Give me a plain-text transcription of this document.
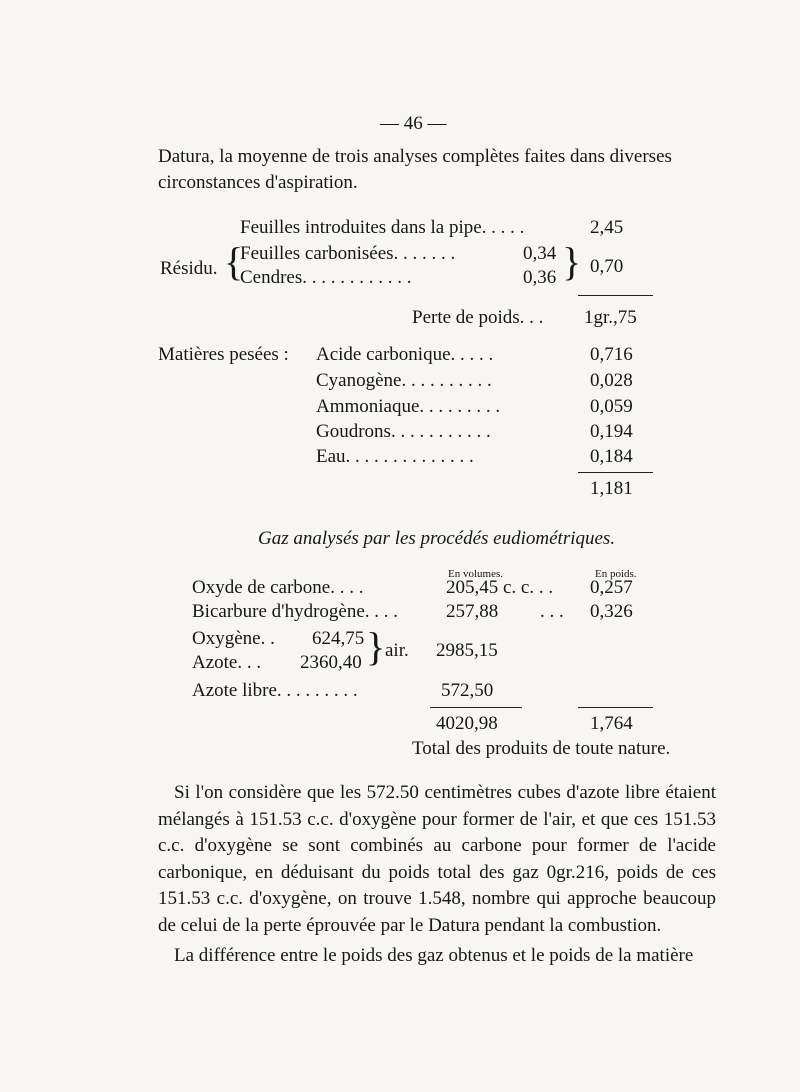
— 46 —
Datura, la moyenne de trois analyses complètes faites dans diverses
circonstances d'aspiration.
Feuilles introduites dans la pipe. . . . .	2,45
Résidu. {
Feuilles carbonisées. . . . . . .	0,34
Cendres. . . . . . . . . . . .	0,36 } 0,70
Perte de poids. . . 1gr.,75
Matières pesées : Acide carbonique. . . . .	0,716
Cyanogène. . . . . . . . . .	0,028
Ammoniaque. . . . . . . . .	0,059
Goudrons. . . . . . . . . . .	0,194
Eau. . . . . . . . . . . . . .	0,184
1,181
Gaz analysés par les procédés eudiométriques.
En volumes.	En poids.
Oxyde de carbone. . . .	205,45 c. c. . . 0,257
Bicarbure d'hydrogène. . . .	257,88 . . . 0,326
Oxygène. . 624,75
Azote. . . 2360,40 } air. 2985,15
Azote libre. . . . . . . . .	572,50
4020,98	1,764
Total des produits de toute nature.

Si l'on considère que les 572.50 centimètres cubes d'azote libre étaient mélangés à 151.53 c.c. d'oxygène pour former de l'air, et que ces 151.53 c.c. d'oxygène se sont combinés au carbone pour former de l'acide carbonique, en déduisant du poids total des gaz 0gr.216, poids de ces 151.53 c.c. d'oxygène, on trouve 1.548, nombre qui approche beaucoup de celui de la perte éprouvée par le Datura pendant la combustion.

La différence entre le poids des gaz obtenus et le poids de la matière
